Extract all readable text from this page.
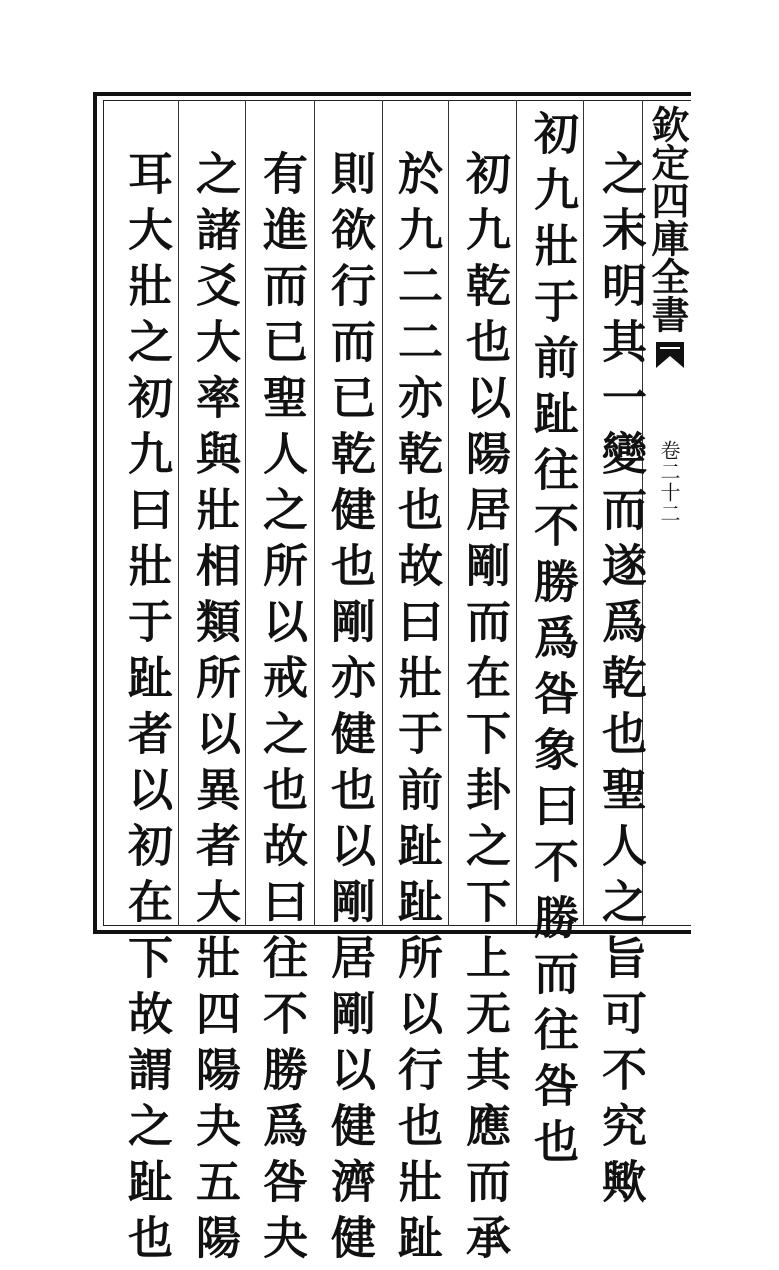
欽定四庫全書
卷二十二
之末明其一變而遂爲乾也聖人之旨可不究歟
初九壯于前趾往不勝爲咎象曰不勝而往咎也
初九乾也以陽居剛而在下卦之下上无其應而承
於九二二亦乾也故曰壯于前趾趾所以行也壯趾
則欲行而已乾健也剛亦健也以剛居剛以健濟健
有進而已聖人之所以戒之也故曰往不勝爲咎夬
之諸爻大率與壯相類所以異者大壯四陽夬五陽
耳大壯之初九曰壯于趾者以初在下故謂之趾也
